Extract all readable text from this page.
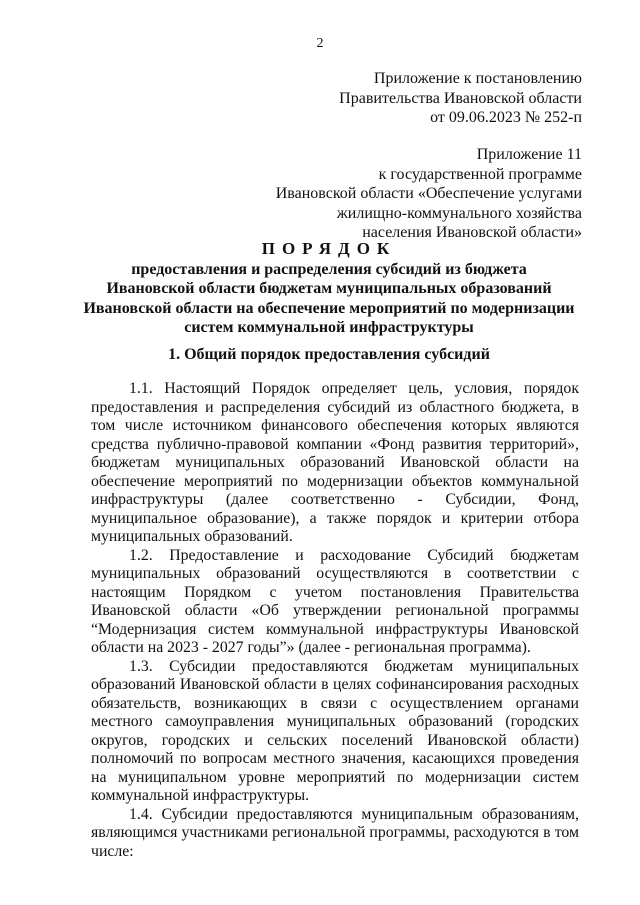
2
Приложение к постановлению
Правительства Ивановской области
от 09.06.2023 № 252-п
Приложение 11
к государственной программе
Ивановской области «Обеспечение услугами
жилищно-коммунального хозяйства
населения Ивановской области»
ПОРЯДОК
предоставления и распределения субсидий из бюджета
Ивановской области бюджетам муниципальных образований
Ивановской области на обеспечение мероприятий по модернизации
систем коммунальной инфраструктуры
1. Общий порядок предоставления субсидий

1.1. Настоящий Порядок определяет цель, условия, порядок предоставления и распределения субсидий из областного бюджета, в том числе источником финансового обеспечения которых являются средства публично-правовой компании «Фонд развития территорий», бюджетам муниципальных образований Ивановской области на обеспечение мероприятий по модернизации объектов коммунальной инфраструктуры (далее соответственно - Субсидии, Фонд, муниципальное образование), а также порядок и критерии отбора муниципальных образований.

1.2. Предоставление и расходование Субсидий бюджетам муниципальных образований осуществляются в соответствии с настоящим Порядком с учетом постановления Правительства Ивановской области «Об утверждении региональной программы “Модернизация систем коммунальной инфраструктуры Ивановской области на 2023 - 2027 годы”» (далее - региональная программа).

1.3. Субсидии предоставляются бюджетам муниципальных образований Ивановской области в целях софинансирования расходных обязательств, возникающих в связи с осуществлением органами местного самоуправления муниципальных образований (городских округов, городских и сельских поселений Ивановской области) полномочий по вопросам местного значения, касающихся проведения на муниципальном уровне мероприятий по модернизации систем коммунальной инфраструктуры.

1.4. Субсидии предоставляются муниципальным образованиям, являющимся участниками региональной программы, расходуются в том числе:
